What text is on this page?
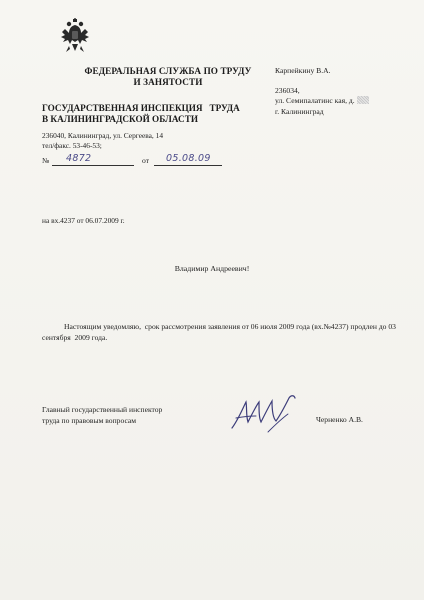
ФЕДЕРАЛЬНАЯ СЛУЖБА ПО ТРУДУ
И ЗАНЯТОСТИ
ГОСУДАРСТВЕННАЯ ИНСПЕКЦИЯ   ТРУДА
В КАЛИНИНГРАДСКОЙ ОБЛАСТИ
236040, Калининград, ул. Сергеева, 14
тел/факс. 53-46-53;
Карпейкину В.А.
236034,
ул. Семипалатинс кая, д.
г. Калининград
№ 4872	от 05.08.09
на вх.4237 от 06.07.2009 г.
Владимир Андреевич!
Настоящим уведомляю,  срок рассмотрения заявления от 06 июля 2009 года (вх.№4237) продлен до 03 сентября  2009 года.
Главный государственный инспектор
труда по правовым вопросам	Черненко А.В.
